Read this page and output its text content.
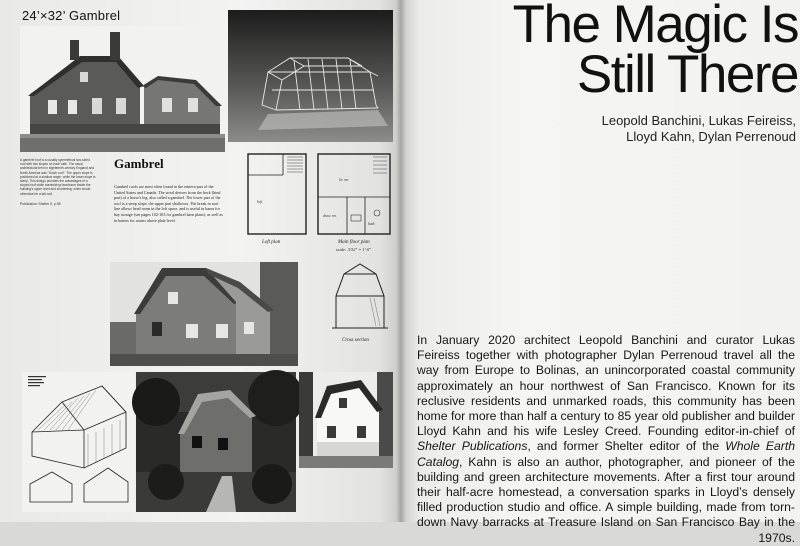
24’×32’ Gambrel
A gambrel roof is a usually symmetrical two-sided roof with two slopes on each side. The usual architectural term in eighteenth-century England and North America was "Dutch roof". The upper slope is positioned at a shallow angle, while the lower slope is steep. This design provides the advantages of a sloped roof while maximizing headroom inside the building's upper level and shortening, when would otherwise be a tall roof.
Publication: Shelter II, p.98
Gambrel
Gambrel roofs are most often found in the eastern part of the United States and Canada. The word derives from the hock (hind part) of a horse's leg, also called a gambrel. The lower part of the roof is a steep slope, the upper part shallower. The break in roof line allows head room in the loft space, and is useful in barns for hay storage (see pages 102-103 for gambrel barn plans), as well as in homes for rooms above plate level.
loft
Loft plan
liv. rm.
draw. rm.
bath
Main floor plan
scale: 3/32" = 1'-0"
Cross section
The Magic Is
Still There
Leopold Banchini, Lukas Feireiss,
Lloyd Kahn, Dylan Perrenoud
In January 2020 architect Leopold Banchini and curator Lukas Feireiss together with photographer Dylan Perrenoud travel all the way from Europe to Bolinas, an unincorporated coastal community approximately an hour northwest of San Francisco. Known for its reclusive residents and unmarked roads, this community has been home for more than half a century to 85 year old publisher and builder Lloyd Kahn and his wife Lesley Creed. Founding editor-in-chief of Shelter Publications, and former Shelter editor of the Whole Earth Catalog, Kahn is also an author, photographer, and pioneer of the building and green architecture movements. After a first tour around their half-acre homestead, a conversation sparks in Lloyd’s densely filled production studio and office. A simple building, made from torn-down Navy barracks at Treasure Island on San Francisco Bay in the 1970s.
